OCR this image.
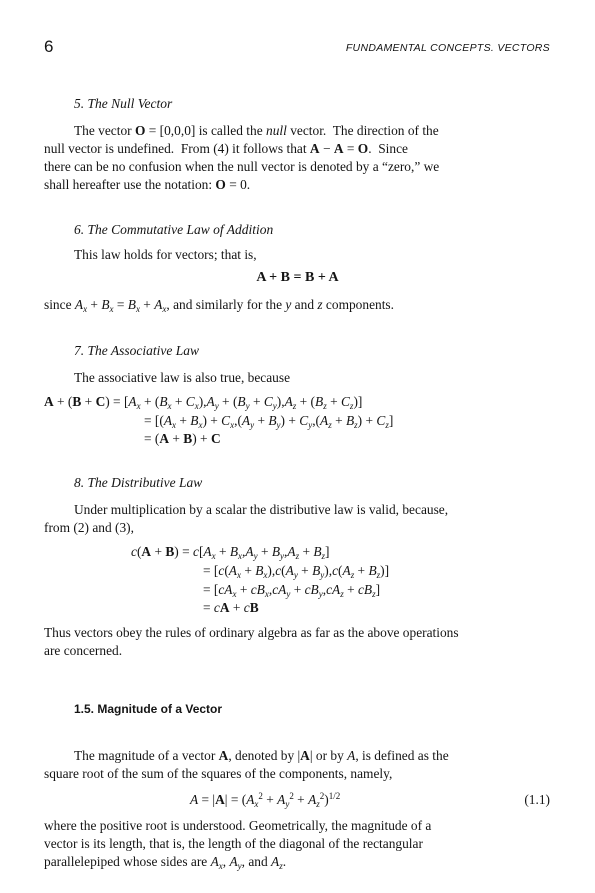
6	FUNDAMENTAL CONCEPTS. VECTORS
5. The Null Vector
The vector O = [0,0,0] is called the null vector.  The direction of the
null vector is undefined.  From (4) it follows that A − A = O.  Since
there can be no confusion when the null vector is denoted by a “zero,” we
shall hereafter use the notation: O = 0.
6. The Commutative Law of Addition
This law holds for vectors; that is,
A + B = B + A
since $A_x + B_x = B_x + A_x$, and similarly for the y and z components.
7. The Associative Law
The associative law is also true, because
$A + (B + C) = [A_x + (B_x + C_x),A_y + (B_y + C_y),A_z + (B_z + C_z)]$
= $[(A_x + B_x) + C_x,(A_y + B_y) + C_y,(A_z + B_z) + C_z]$
= (A + B) + C
8. The Distributive Law
Under multiplication by a scalar the distributive law is valid, because,
from (2) and (3),
$c(A + B) = c[A_x + B_x,A_y + B_y,A_z + B_z]$
= $[c(A_x + B_x),c(A_y + B_y),c(A_z + B_z)]$
= $[cA_x + cB_x,cA_y + cB_y,cA_z + cB_z]$
= cA + cB
Thus vectors obey the rules of ordinary algebra as far as the above operations
are concerned.
1.5. Magnitude of a Vector
The magnitude of a vector A, denoted by |A| or by A, is defined as the
square root of the sum of the squares of the components, namely,
$A = |A| = (A_x^2 + A_y^2 + A_z^2)^{1/2}$	(1.1)
where the positive root is understood. Geometrically, the magnitude of a
vector is its length, that is, the length of the diagonal of the rectangular
parallelepiped whose sides are $A_x$, $A_y$, and $A_z$.
